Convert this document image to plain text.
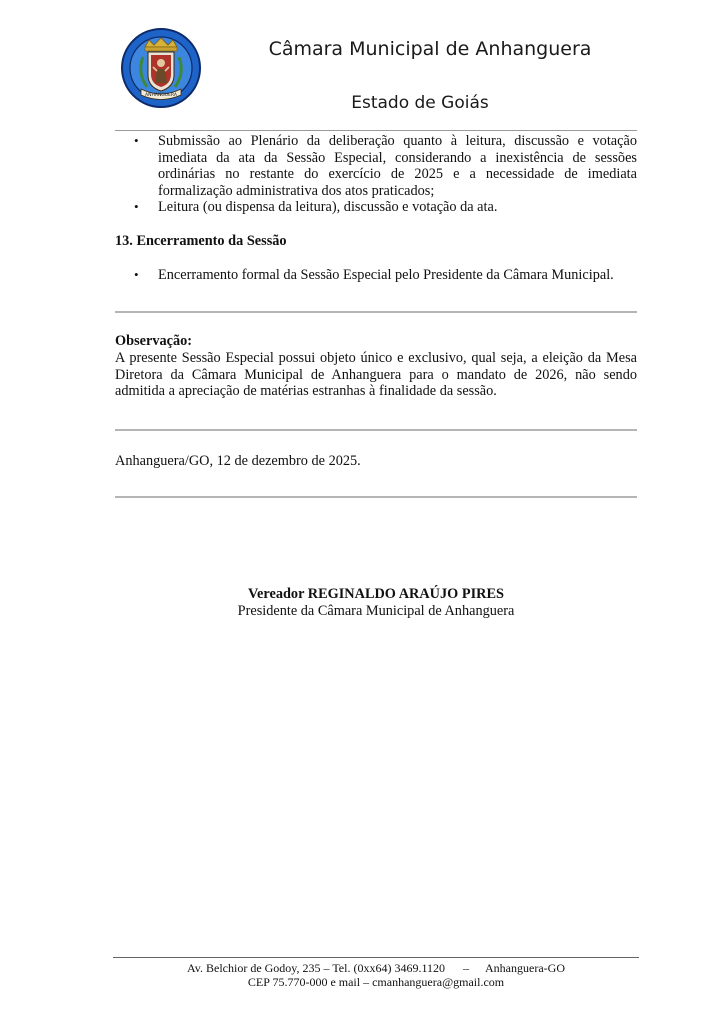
ANHANGUERA
Câmara Municipal de Anhanguera
Estado de Goiás
• Submissão ao Plenário da deliberação quanto à leitura, discussão e votação imediata da ata da Sessão Especial, considerando a inexistência de sessões ordinárias no restante do exercício de 2025 e a necessidade de imediata formalização administrativa dos atos praticados;
• Leitura (ou dispensa da leitura), discussão e votação da ata.
13. Encerramento da Sessão
• Encerramento formal da Sessão Especial pelo Presidente da Câmara Municipal.
Observação:
A presente Sessão Especial possui objeto único e exclusivo, qual seja, a eleição da Mesa Diretora da Câmara Municipal de Anhanguera para o mandato de 2026, não sendo admitida a apreciação de matérias estranhas à finalidade da sessão.
Anhanguera/GO, 12 de dezembro de 2025.
Vereador REGINALDO ARAÚJO PIRES
Presidente da Câmara Municipal de Anhanguera
Av. Belchior de Godoy, 235 – Tel. (0xx64) 3469.1120 – Anhanguera-GO
CEP 75.770-000 e mail – cmanhanguera@gmail.com
